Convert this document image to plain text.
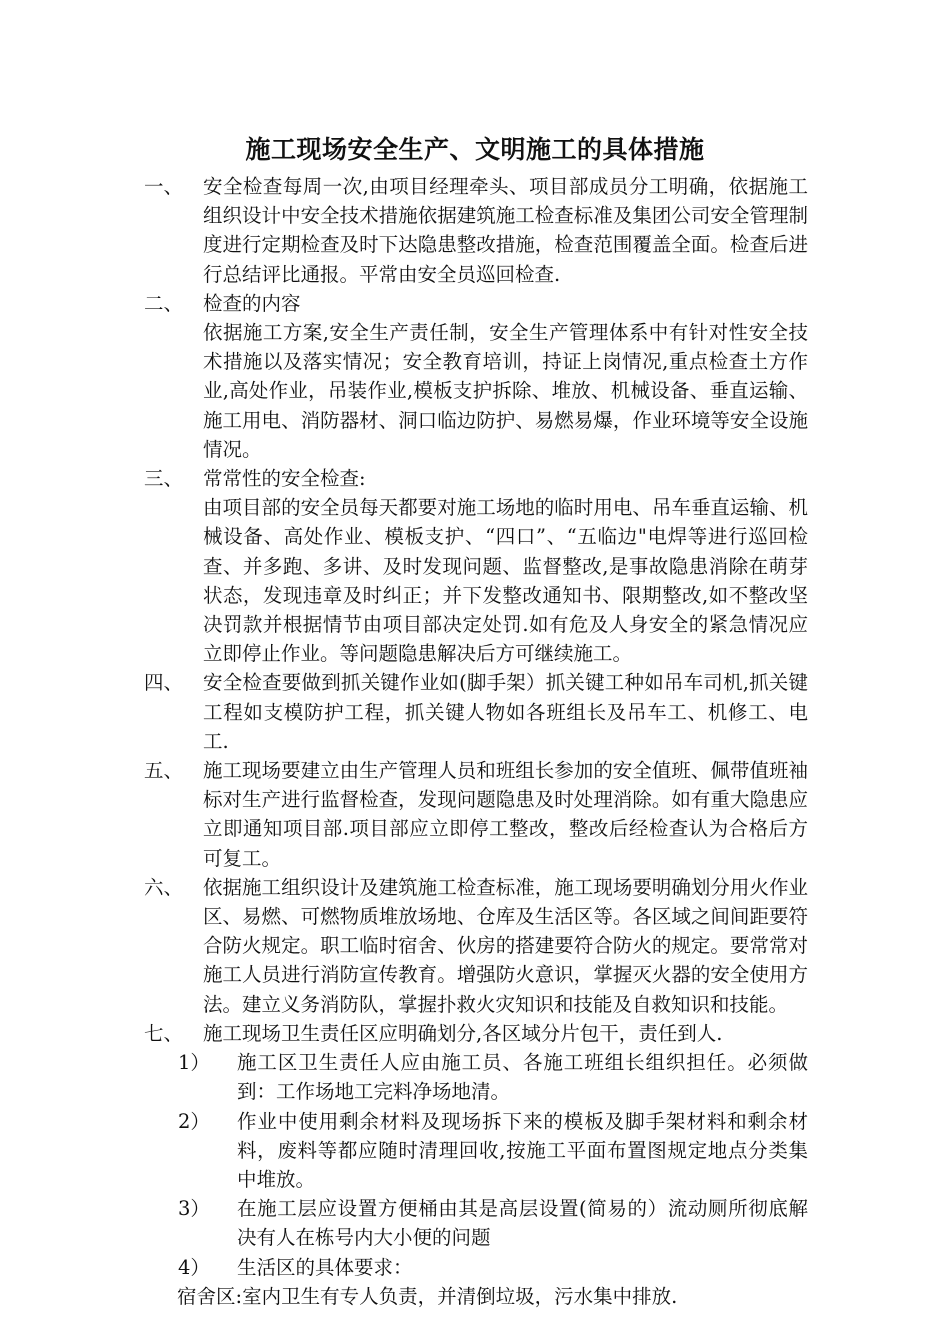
施工现场安全生产、文明施工的具体措施
一、 安全检查每周一次,由项目经理牵头、项目部成员分工明确，依据施工组织设计中安全技术措施依据建筑施工检查标准及集团公司安全管理制度进行定期检查及时下达隐患整改措施，检查范围覆盖全面。检查后进行总结评比通报。平常由安全员巡回检查.
二、 检查的内容
依据施工方案,安全生产责任制，安全生产管理体系中有针对性安全技术措施以及落实情况；安全教育培训，持证上岗情况,重点检查土方作业,高处作业，吊装作业,模板支护拆除、堆放、机械设备、垂直运输、施工用电、消防器材、洞口临边防护、易燃易爆，作业环境等安全设施情况。
三、 常常性的安全检查:
由项目部的安全员每天都要对施工场地的临时用电、吊车垂直运输、机械设备、高处作业、模板支护、“四口”、“五临边"电焊等进行巡回检查、并多跑、多讲、及时发现问题、监督整改,是事故隐患消除在萌芽状态，发现违章及时纠正；并下发整改通知书、限期整改,如不整改坚决罚款并根据情节由项目部决定处罚.如有危及人身安全的紧急情况应立即停止作业。等问题隐患解决后方可继续施工。
四、 安全检查要做到抓关键作业如(脚手架）抓关键工种如吊车司机,抓关键工程如支模防护工程，抓关键人物如各班组长及吊车工、机修工、电工.
五、 施工现场要建立由生产管理人员和班组长参加的安全值班、佩带值班袖标对生产进行监督检查，发现问题隐患及时处理消除。如有重大隐患应立即通知项目部.项目部应立即停工整改，整改后经检查认为合格后方可复工。
六、 依据施工组织设计及建筑施工检查标准，施工现场要明确划分用火作业区、易燃、可燃物质堆放场地、仓库及生活区等。各区域之间间距要符合防火规定。职工临时宿舍、伙房的搭建要符合防火的规定。要常常对施工人员进行消防宣传教育。增强防火意识，掌握灭火器的安全使用方法。建立义务消防队，掌握扑救火灾知识和技能及自救知识和技能。
七、 施工现场卫生责任区应明确划分,各区域分片包干，责任到人.
1） 施工区卫生责任人应由施工员、各施工班组长组织担任。必须做到：工作场地工完料净场地清。
2） 作业中使用剩余材料及现场拆下来的模板及脚手架材料和剩余材料，废料等都应随时清理回收,按施工平面布置图规定地点分类集中堆放。
3） 在施工层应设置方便桶由其是高层设置(简易的）流动厕所彻底解决有人在栋号内大小便的问题
4） 生活区的具体要求：
宿舍区:室内卫生有专人负责，并清倒垃圾，污水集中排放.
